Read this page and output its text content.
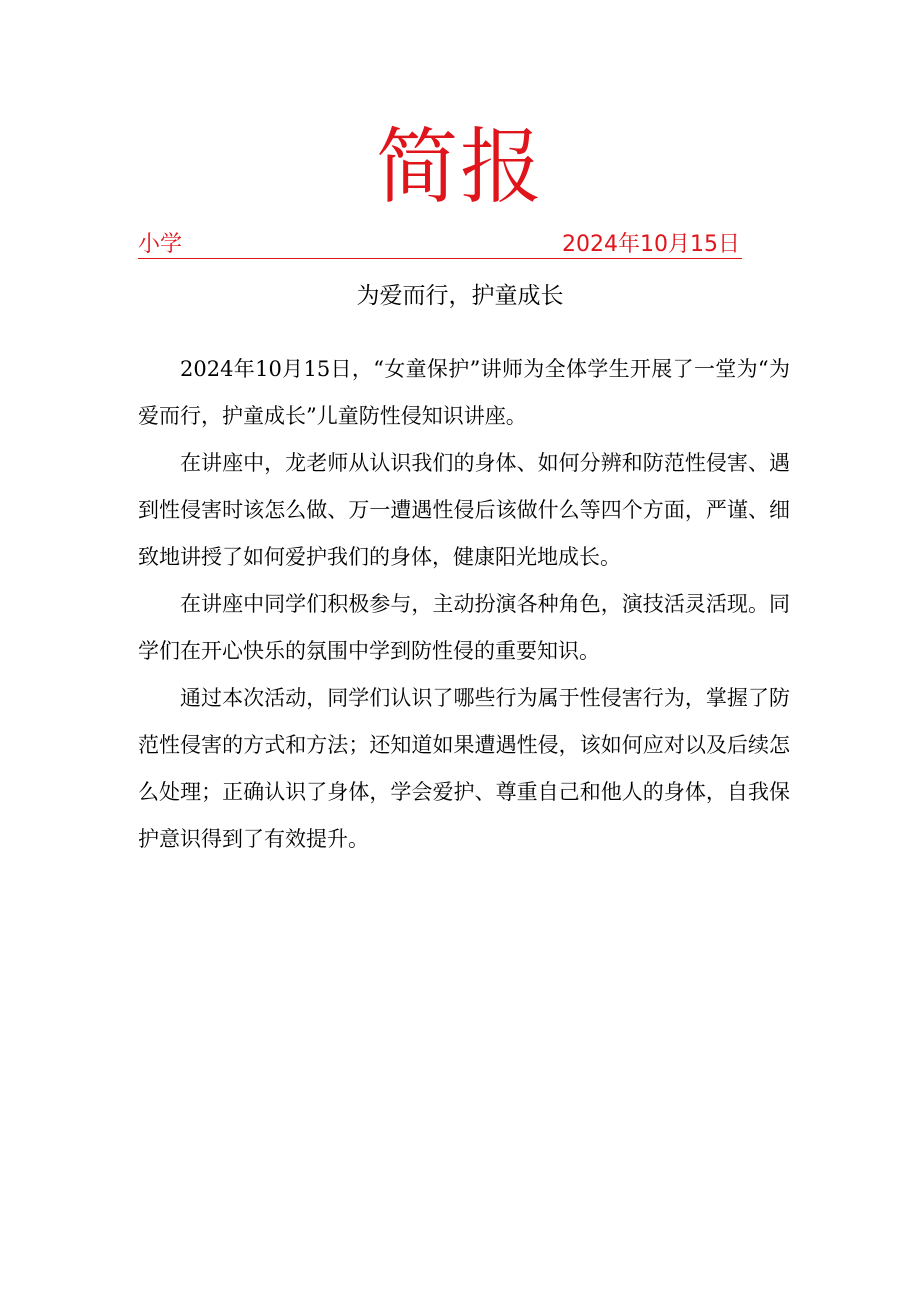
简报
小学	2024年10月15日
为爱而行，护童成长

2024年10月15日，“女童保护”讲师为全体学生开展了一堂为“为爱而行，护童成长”儿童防性侵知识讲座。

在讲座中，龙老师从认识我们的身体、如何分辨和防范性侵害、遇到性侵害时该怎么做、万一遭遇性侵后该做什么等四个方面，严谨、细致地讲授了如何爱护我们的身体，健康阳光地成长。

在讲座中同学们积极参与，主动扮演各种角色，演技活灵活现。同学们在开心快乐的氛围中学到防性侵的重要知识。

通过本次活动，同学们认识了哪些行为属于性侵害行为，掌握了防范性侵害的方式和方法；还知道如果遭遇性侵，该如何应对以及后续怎么处理；正确认识了身体，学会爱护、尊重自己和他人的身体，自我保护意识得到了有效提升。
